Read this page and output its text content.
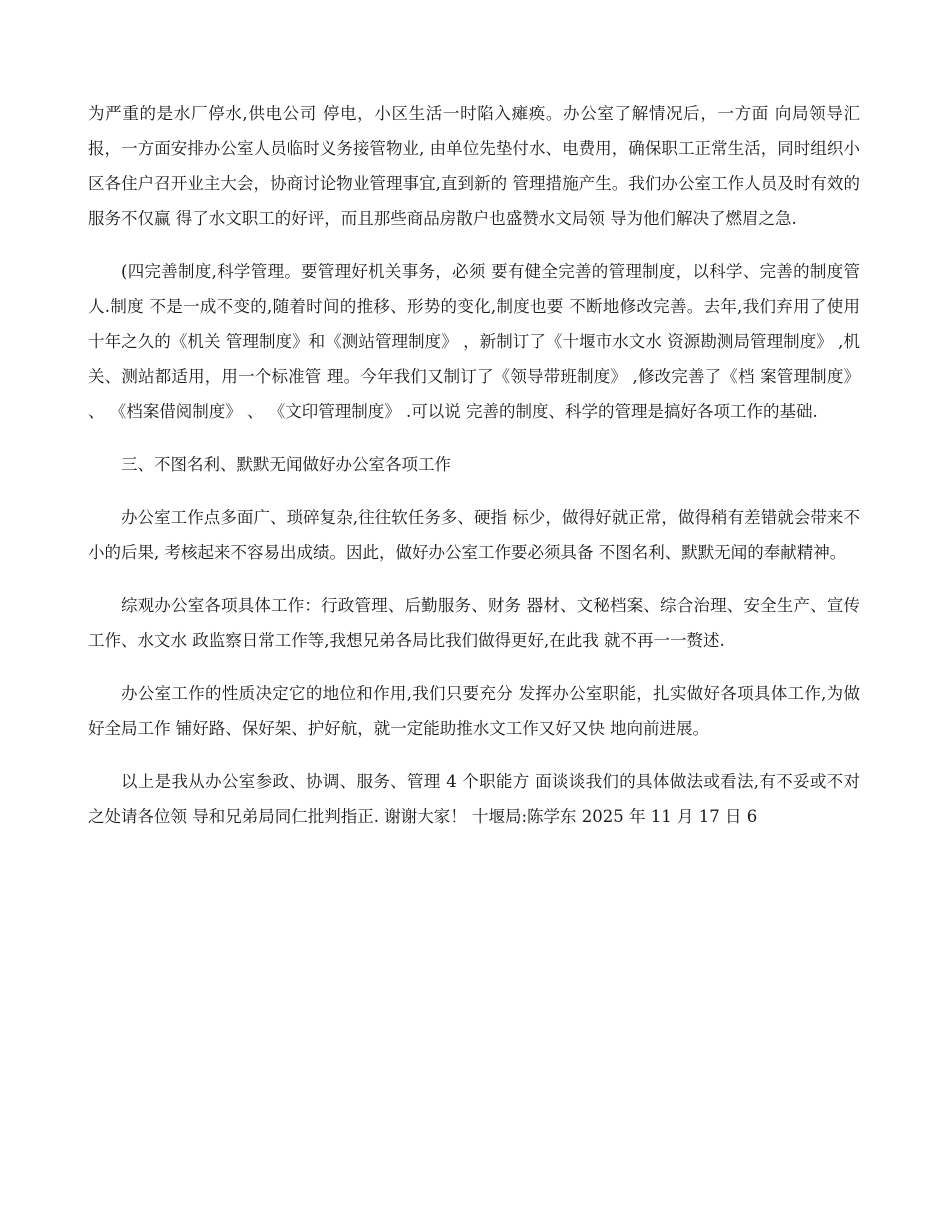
为严重的是水厂停水,供电公司 停电，小区生活一时陷入瘫痪。办公室了解情况后，一方面 向局领导汇报，一方面安排办公室人员临时义务接管物业, 由单位先垫付水、电费用，确保职工正常生活，同时组织小 区各住户召开业主大会，协商讨论物业管理事宜,直到新的 管理措施产生。我们办公室工作人员及时有效的服务不仅赢 得了水文职工的好评，而且那些商品房散户也盛赞水文局领 导为他们解决了燃眉之急.

(四完善制度,科学管理。要管理好机关事务，必须 要有健全完善的管理制度，以科学、完善的制度管人.制度 不是一成不变的,随着时间的推移、形势的变化,制度也要 不断地修改完善。去年,我们弃用了使用十年之久的《机关 管理制度》和《测站管理制度》 ，新制订了《十堰市水文水 资源勘测局管理制度》 ,机关、测站都适用，用一个标准管 理。今年我们又制订了《领导带班制度》 ,修改完善了《档 案管理制度》 、 《档案借阅制度》 、 《文印管理制度》 .可以说 完善的制度、科学的管理是搞好各项工作的基础.

三、不图名利、默默无闻做好办公室各项工作

办公室工作点多面广、琐碎复杂,往往软任务多、硬指 标少，做得好就正常，做得稍有差错就会带来不小的后果, 考核起来不容易出成绩。因此，做好办公室工作要必须具备 不图名利、默默无闻的奉献精神。

综观办公室各项具体工作：行政管理、后勤服务、财务 器材、文秘档案、综合治理、安全生产、宣传工作、水文水 政监察日常工作等,我想兄弟各局比我们做得更好,在此我 就不再一一赘述.

办公室工作的性质决定它的地位和作用,我们只要充分 发挥办公室职能，扎实做好各项具体工作,为做好全局工作 铺好路、保好架、护好航，就一定能助推水文工作又好又快 地向前进展。

以上是我从办公室参政、协调、服务、管理 4 个职能方 面谈谈我们的具体做法或看法,有不妥或不对之处请各位领 导和兄弟局同仁批判指正. 谢谢大家！ 十堰局:陈学东 2025 年 11 月 17 日 6
